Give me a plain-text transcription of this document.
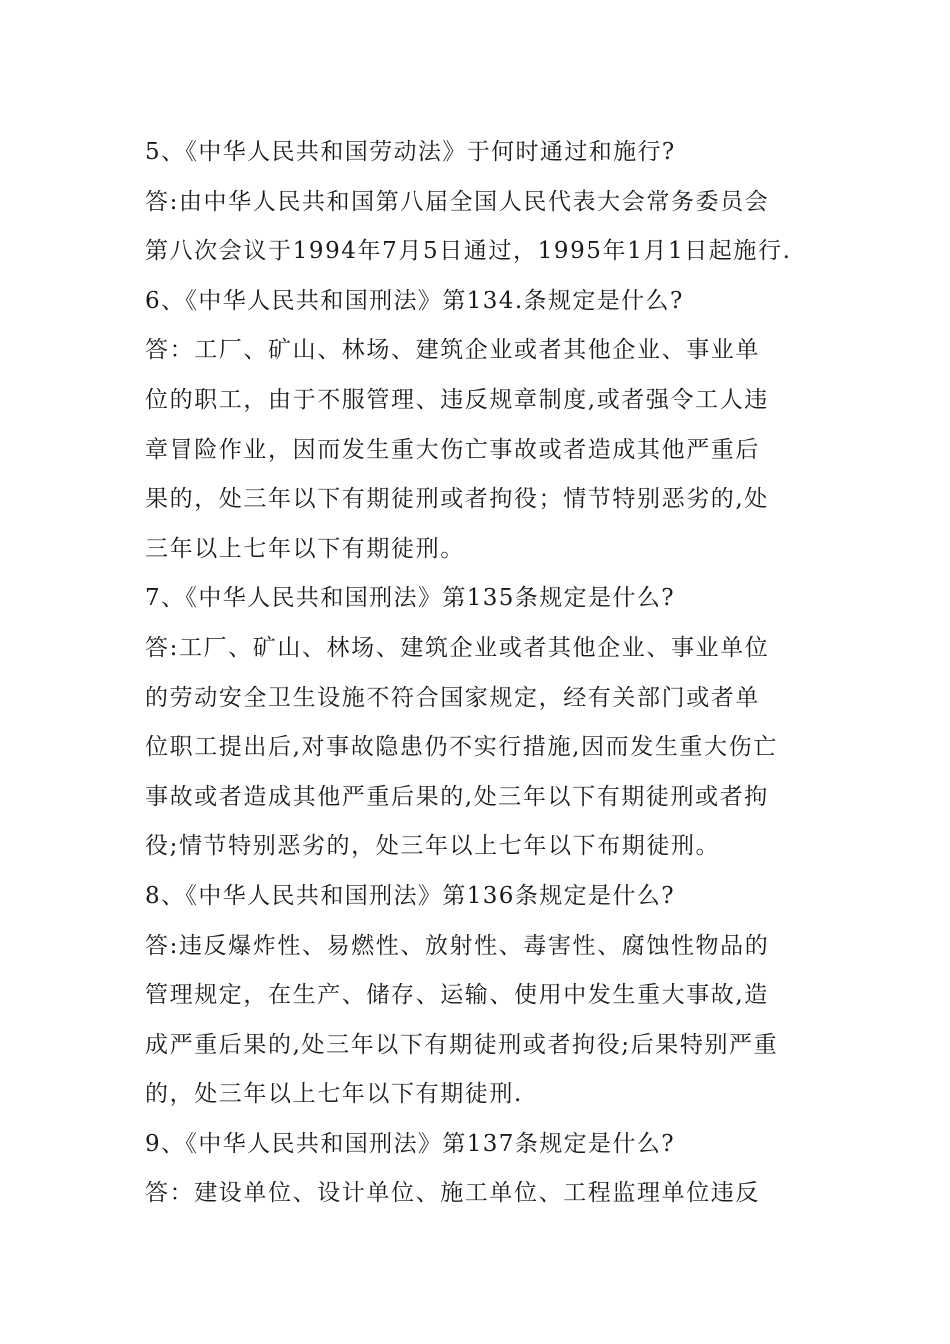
5、《中华人民共和国劳动法》于何时通过和施行?
答:由中华人民共和国第八届全国人民代表大会常务委员会
第八次会议于1994年7月5日通过，1995年1月1日起施行.
6、《中华人民共和国刑法》第134.条规定是什么?
答：工厂、矿山、林场、建筑企业或者其他企业、事业单
位的职工，由于不服管理、违反规章制度,或者强令工人违
章冒险作业，因而发生重大伤亡事故或者造成其他严重后
果的，处三年以下有期徒刑或者拘役；情节特别恶劣的,处
三年以上七年以下有期徒刑。
7、《中华人民共和国刑法》第135条规定是什么?
答:工厂、矿山、林场、建筑企业或者其他企业、事业单位
的劳动安全卫生设施不符合国家规定，经有关部门或者单
位职工提出后,对事故隐患仍不实行措施,因而发生重大伤亡
事故或者造成其他严重后果的,处三年以下有期徒刑或者拘
役;情节特别恶劣的，处三年以上七年以下布期徒刑。
8、《中华人民共和国刑法》第136条规定是什么?
答:违反爆炸性、易燃性、放射性、毒害性、腐蚀性物品的
管理规定，在生产、储存、运输、使用中发生重大事故,造
成严重后果的,处三年以下有期徒刑或者拘役;后果特别严重
的，处三年以上七年以下有期徒刑.
9、《中华人民共和国刑法》第137条规定是什么?
答：建设单位、设计单位、施工单位、工程监理单位违反
